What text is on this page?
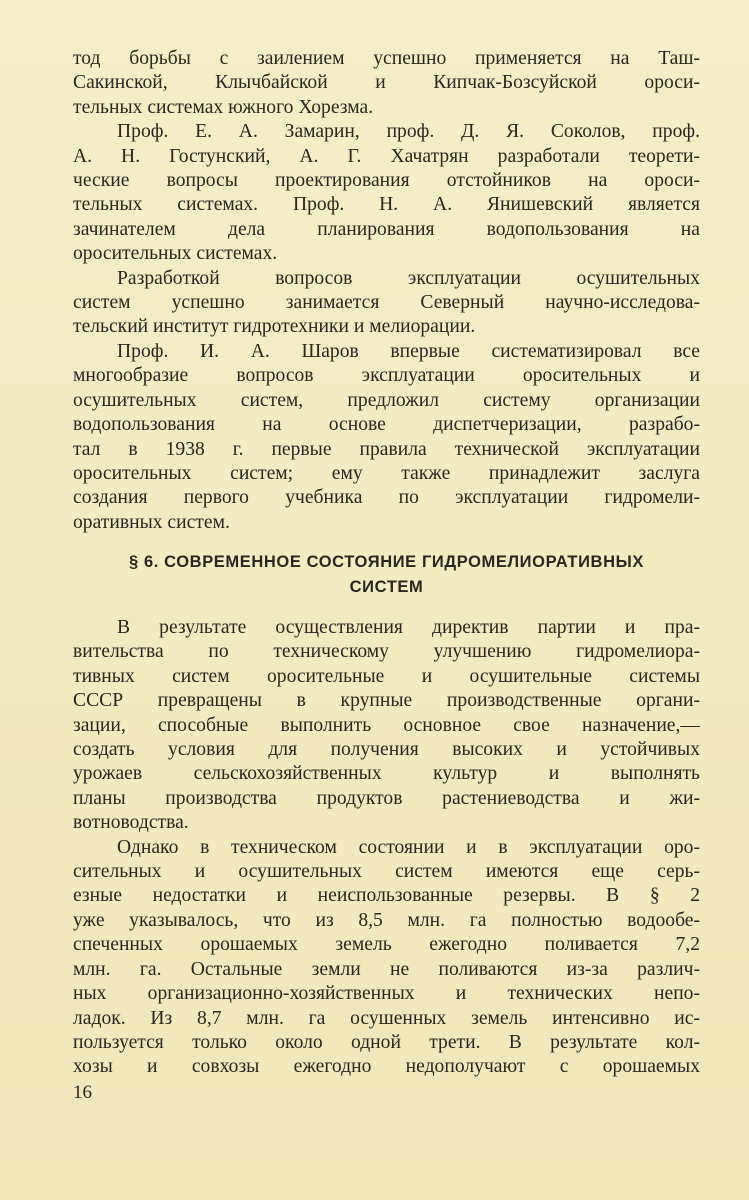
тод борьбы с заилением успешно применяется на Таш-
Сакинской, Клычбайской и Кипчак-Бозсуйской ороси-
тельных системах южного Хорезма.

Проф. Е. А. Замарин, проф. Д. Я. Соколов, проф.
А. Н. Гостунский, А. Г. Хачатрян разработали теорети-
ческие вопросы проектирования отстойников на ороси-
тельных системах. Проф. Н. А. Янишевский является
зачинателем дела планирования водопользования на
оросительных системах.

Разработкой вопросов эксплуатации осушительных
систем успешно занимается Северный научно-исследова-
тельский институт гидротехники и мелиорации.

Проф. И. А. Шаров впервые систематизировал все
многообразие вопросов эксплуатации оросительных и
осушительных систем, предложил систему организации
водопользования на основе диспетчеризации, разрабо-
тал в 1938 г. первые правила технической эксплуатации
оросительных систем; ему также принадлежит заслуга
создания первого учебника по эксплуатации гидромели-
оративных систем.

§ 6. СОВРЕМЕННОЕ СОСТОЯНИЕ ГИДРОМЕЛИОРАТИВНЫХ

СИСТЕМ

В результате осуществления директив партии и пра-
вительства по техническому улучшению гидромелиора-
тивных систем оросительные и осушительные системы
СССР превращены в крупные производственные органи-
зации, способные выполнить основное свое назначение,—
создать условия для получения высоких и устойчивых
урожаев сельскохозяйственных культур и выполнять
планы производства продуктов растениеводства и жи-
вотноводства.

Однако в техническом состоянии и в эксплуатации оро-
сительных и осушительных систем имеются еще серь-
езные недостатки и неиспользованные резервы. В § 2
уже указывалось, что из 8,5 млн. га полностью водообе-
спеченных орошаемых земель ежегодно поливается 7,2
млн. га. Остальные земли не поливаются из-за различ-
ных организационно-хозяйственных и технических непо-
ладок. Из 8,7 млн. га осушенных земель интенсивно ис-
пользуется только около одной трети. В результате кол-
хозы и совхозы ежегодно недополучают с орошаемых

16
